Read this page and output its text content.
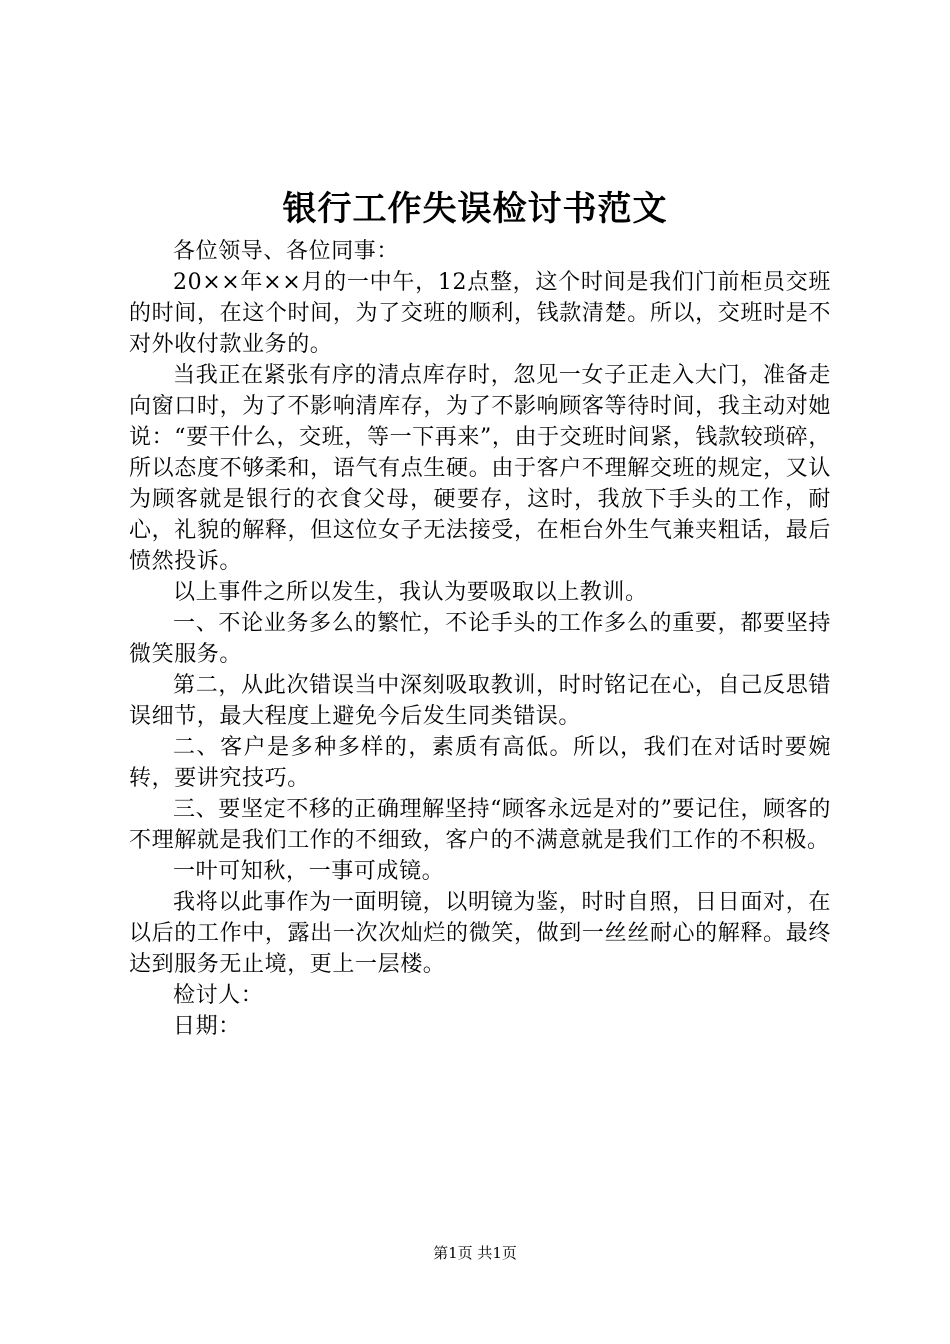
银行工作失误检讨书范文

各位领导、各位同事：

20××年××月的一中午，12点整，这个时间是我们门前柜员交班的时间，在这个时间，为了交班的顺利，钱款清楚。所以，交班时是不对外收付款业务的。

当我正在紧张有序的清点库存时，忽见一女子正走入大门，准备走向窗口时，为了不影响清库存，为了不影响顾客等待时间，我主动对她说：“要干什么，交班，等一下再来”，由于交班时间紧，钱款较琐碎，所以态度不够柔和，语气有点生硬。由于客户不理解交班的规定，又认为顾客就是银行的衣食父母，硬要存，这时，我放下手头的工作，耐心，礼貌的解释，但这位女子无法接受，在柜台外生气兼夹粗话，最后愤然投诉。

以上事件之所以发生，我认为要吸取以上教训。

一、不论业务多么的繁忙，不论手头的工作多么的重要，都要坚持微笑服务。

第二，从此次错误当中深刻吸取教训，时时铭记在心，自己反思错误细节，最大程度上避免今后发生同类错误。

二、客户是多种多样的，素质有高低。所以，我们在对话时要婉转，要讲究技巧。

三、要坚定不移的正确理解坚持“顾客永远是对的”要记住，顾客的不理解就是我们工作的不细致，客户的不满意就是我们工作的不积极。

一叶可知秋，一事可成镜。

我将以此事作为一面明镜，以明镜为鉴，时时自照，日日面对，在以后的工作中，露出一次次灿烂的微笑，做到一丝丝耐心的解释。最终达到服务无止境，更上一层楼。

检讨人：

日期：

第1页 共1页
